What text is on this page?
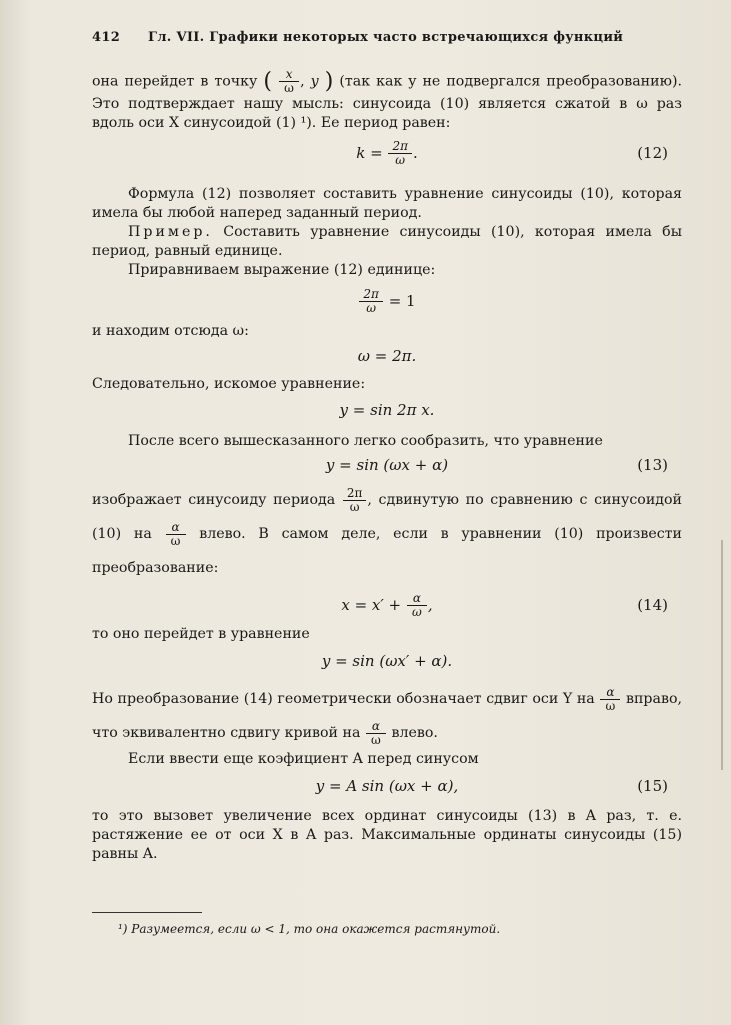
412 Гл. VII. Графики некоторых часто встречающихся функций

она перейдет в точку ( $\frac{x}{\omega}$ , y ) (так как y не подвергался преобразованию). Это подтверждает нашу мысль: синусоида (10) является сжатой в ω раз вдоль оси X синусоидой (1) ¹). Ее период равен:

$k = \frac{2\pi}{\omega}$ .	(12)

Формула (12) позволяет составить уравнение синусоиды (10), которая имела бы любой наперед заданный период.

Пример. Составить уравнение синусоиды (10), которая имела бы период, равный единице.

Приравниваем выражение (12) единице:

$\frac{2\pi}{\omega} = 1$

и находим отсюда ω:

ω = 2π.

Следовательно, искомое уравнение:

y = sin 2π x.

После всего вышесказанного легко сообразить, что уравнение

y = sin (ωx + α)	(13)

изображает синусоиду периода $\frac{2\pi}{\omega}$ , сдвинутую по сравнению с синусоидой (10) на $\frac{\alpha}{\omega}$ влево. В самом деле, если в уравнении (10) произвести преобразование:

$x = x' + \frac{\alpha}{\omega}$ ,	(14)

то оно перейдет в уравнение

y = sin (ωx′ + α).

Но преобразование (14) геометрически обозначает сдвиг оси Y на $\frac{\alpha}{\omega}$ вправо, что эквивалентно сдвигу кривой на $\frac{\alpha}{\omega}$ влево.

Если ввести еще коэфициент A перед синусом

y = A sin (ωx + α),	(15)

то это вызовет увеличение всех ординат синусоиды (13) в A раз, т. е. растяжение ее от оси X в A раз. Максимальные ординаты синусоиды (15) равны A.

¹) Разумеется, если ω < 1, то она окажется растянутой.
